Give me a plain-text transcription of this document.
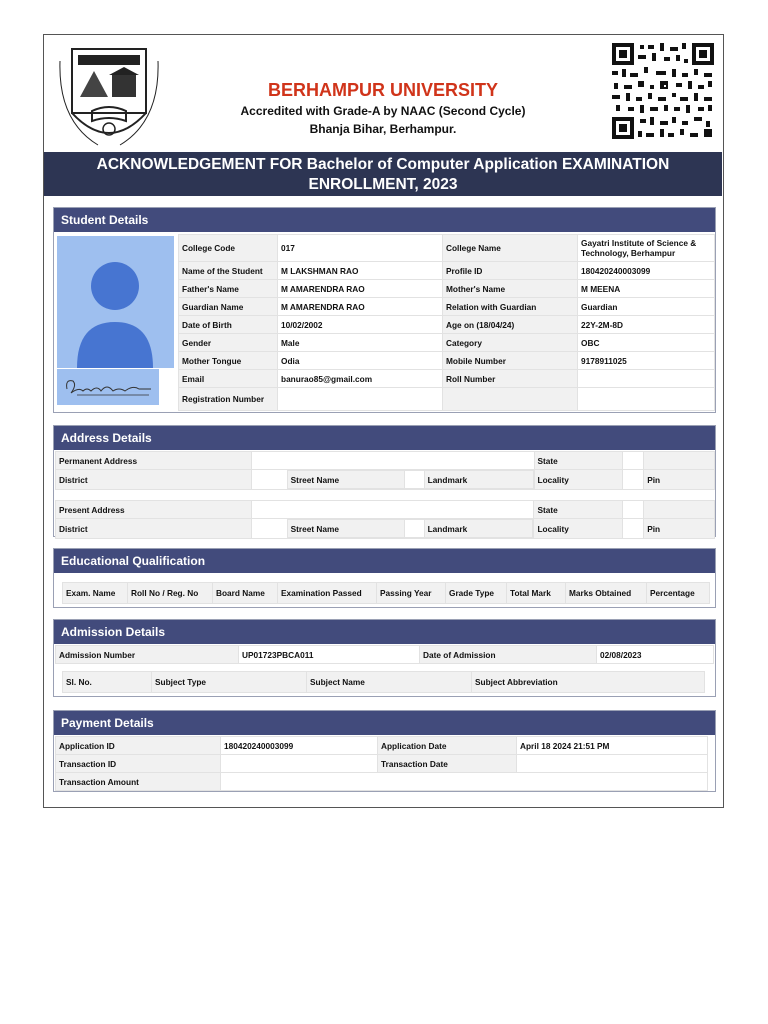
BERHAMPUR UNIVERSITY
Accredited with Grade-A by NAAC (Second Cycle)
Bhanja Bihar, Berhampur.
ACKNOWLEDGEMENT FOR Bachelor of Computer Application EXAMINATION ENROLLMENT, 2023
Student Details
College Code	017	College Name	Gayatri Institute of Science & Technology, Berhampur
Name of the Student	M LAKSHMAN RAO	Profile ID	180420240003099
Father's Name	M AMARENDRA RAO	Mother's Name	M MEENA
Guardian Name	M AMARENDRA RAO	Relation with Guardian	Guardian
Date of Birth	10/02/2002	Age on (18/04/24)	22Y-2M-8D
Gender	Male	Category	OBC
Mother Tongue	Odia	Mobile Number	9178911025
Email	banurao85@gmail.com	Roll Number	
Registration Number			
Address Details
Permanent Address		State		
District	
		Street Name		Landmark
		Locality		Pin
Present Address		State		
District	
		Street Name		Landmark
		Locality		Pin
Educational Qualification
Exam. Name	Roll No / Reg. No	Board Name	Examination Passed	Passing Year	Grade Type	Total Mark	Marks Obtained	Percentage
Admission Details
Admission Number	UP01723PBCA011	Date of Admission	02/08/2023
Sl. No.	Subject Type	Subject Name	Subject Abbreviation
Payment Details
Application ID	180420240003099	Application Date	April 18 2024 21:51 PM
Transaction ID		Transaction Date	
Transaction Amount			
